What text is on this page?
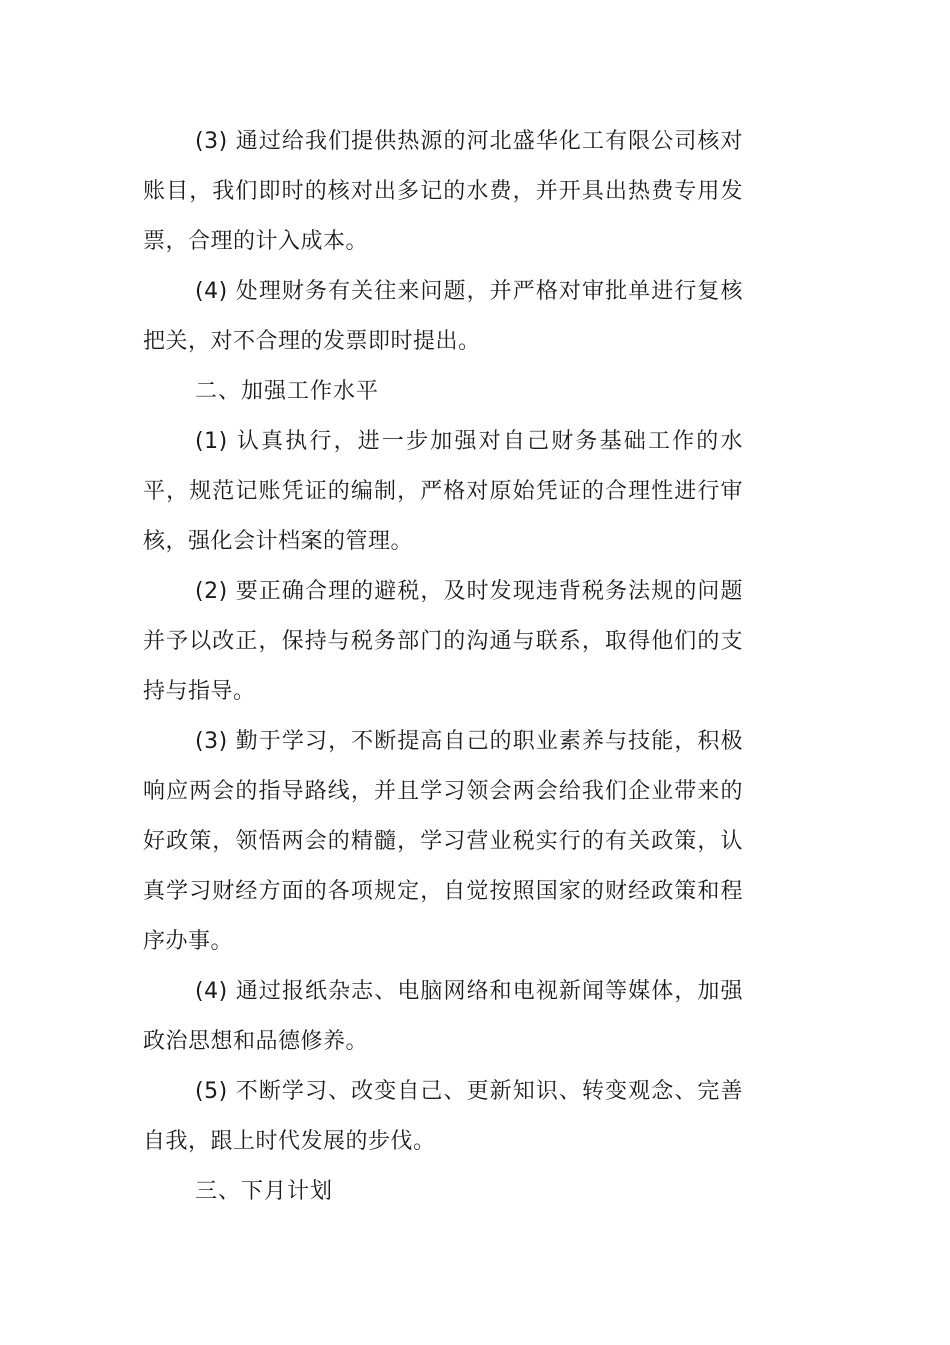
(3) 通过给我们提供热源的河北盛华化工有限公司核对账目，我们即时的核对出多记的水费，并开具出热费专用发票，合理的计入成本。

(4) 处理财务有关往来问题，并严格对审批单进行复核把关，对不合理的发票即时提出。

二、加强工作水平

(1) 认真执行，进一步加强对自己财务基础工作的水平，规范记账凭证的编制，严格对原始凭证的合理性进行审核，强化会计档案的管理。

(2) 要正确合理的避税，及时发现违背税务法规的问题并予以改正，保持与税务部门的沟通与联系，取得他们的支持与指导。

(3) 勤于学习，不断提高自己的职业素养与技能，积极响应两会的指导路线，并且学习领会两会给我们企业带来的好政策，领悟两会的精髓，学习营业税实行的有关政策，认真学习财经方面的各项规定，自觉按照国家的财经政策和程序办事。

(4) 通过报纸杂志、电脑网络和电视新闻等媒体，加强政治思想和品德修养。

(5) 不断学习、改变自己、更新知识、转变观念、完善自我，跟上时代发展的步伐。

三、下月计划
